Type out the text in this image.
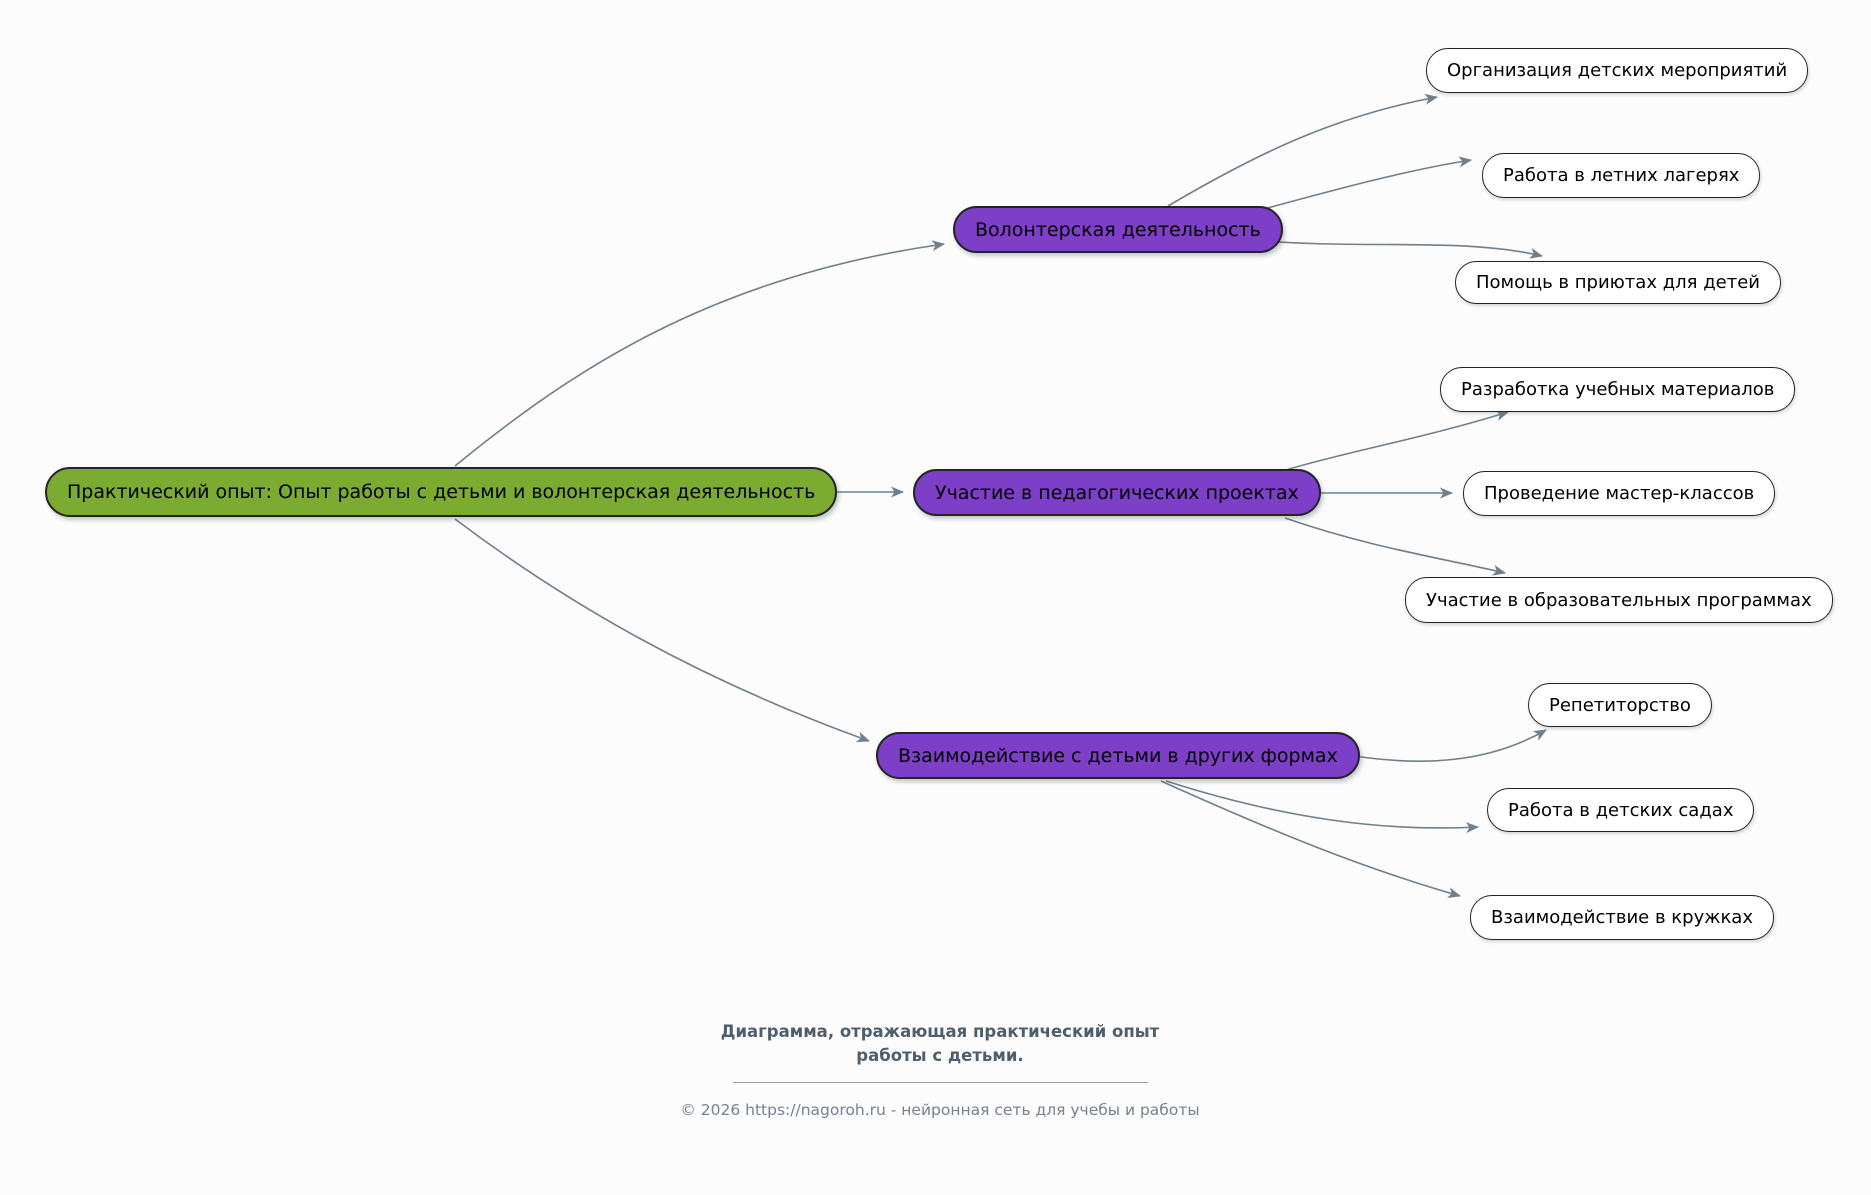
Практический опыт: Опыт работы с детьми и волонтерская деятельность
Волонтерская деятельность
Участие в педагогических проектах
Взаимодействие с детьми в других формах
Организация детских мероприятий
Работа в летних лагерях
Помощь в приютах для детей
Разработка учебных материалов
Проведение мастер-классов
Участие в образовательных программах
Репетиторство
Работа в детских садах
Взаимодействие в кружках
Диаграмма, отражающая практический опыт
работы с детьми.
© 2026 https://nagoroh.ru - нейронная сеть для учебы и работы
